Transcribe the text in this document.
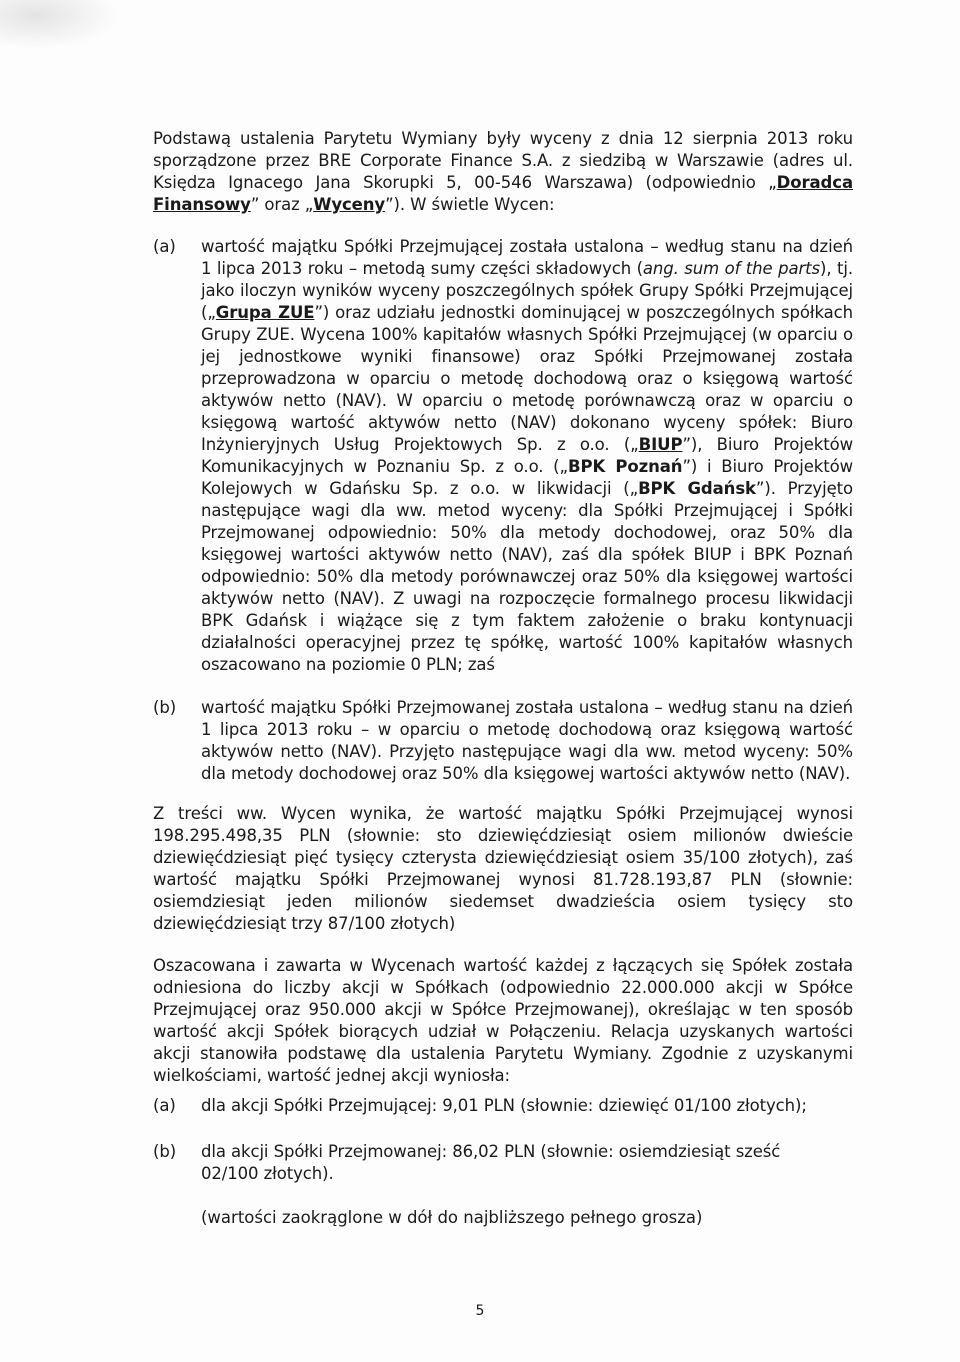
Podstawą ustalenia Parytetu Wymiany były wyceny z dnia 12 sierpnia 2013 roku sporządzone przez BRE Corporate Finance S.A. z siedzibą w Warszawie (adres ul. Księdza Ignacego Jana Skorupki 5, 00-546 Warszawa) (odpowiednio „Doradca Finansowy” oraz „Wyceny”). W świetle Wycen:

(a)	wartość majątku Spółki Przejmującej została ustalona – według stanu na dzień 1 lipca 2013 roku – metodą sumy części składowych (ang. sum of the parts), tj. jako iloczyn wyników wyceny poszczególnych spółek Grupy Spółki Przejmującej („Grupa ZUE”) oraz udziału jednostki dominującej w poszczególnych spółkach Grupy ZUE. Wycena 100% kapitałów własnych Spółki Przejmującej (w oparciu o jej jednostkowe wyniki finansowe) oraz Spółki Przejmowanej została przeprowadzona w oparciu o metodę dochodową oraz o księgową wartość aktywów netto (NAV). W oparciu o metodę porównawczą oraz w oparciu o księgową wartość aktywów netto (NAV) dokonano wyceny spółek: Biuro Inżynieryjnych Usług Projektowych Sp. z o.o. („BIUP”), Biuro Projektów Komunikacyjnych w Poznaniu Sp. z o.o. („BPK Poznań”) i Biuro Projektów Kolejowych w Gdańsku Sp. z o.o. w likwidacji („BPK Gdańsk”). Przyjęto następujące wagi dla ww. metod wyceny: dla Spółki Przejmującej i Spółki Przejmowanej odpowiednio: 50% dla metody dochodowej, oraz 50% dla księgowej wartości aktywów netto (NAV), zaś dla spółek BIUP i BPK Poznań odpowiednio: 50% dla metody porównawczej oraz 50% dla księgowej wartości aktywów netto (NAV). Z uwagi na rozpoczęcie formalnego procesu likwidacji BPK Gdańsk i wiążące się z tym faktem założenie o braku kontynuacji działalności operacyjnej przez tę spółkę, wartość 100% kapitałów własnych oszacowano na poziomie 0 PLN; zaś

(b)	wartość majątku Spółki Przejmowanej została ustalona – według stanu na dzień 1 lipca 2013 roku – w oparciu o metodę dochodową oraz księgową wartość aktywów netto (NAV). Przyjęto następujące wagi dla ww. metod wyceny: 50% dla metody dochodowej oraz 50% dla księgowej wartości aktywów netto (NAV).

Z treści ww. Wycen wynika, że wartość majątku Spółki Przejmującej wynosi 198.295.498,35 PLN (słownie: sto dziewięćdziesiąt osiem milionów dwieście dziewięćdziesiąt pięć tysięcy czterysta dziewięćdziesiąt osiem 35/100 złotych), zaś wartość majątku Spółki Przejmowanej wynosi 81.728.193,87 PLN (słownie: osiemdziesiąt jeden milionów siedemset dwadzieścia osiem tysięcy sto dziewięćdziesiąt trzy 87/100 złotych)

Oszacowana i zawarta w Wycenach wartość każdej z łączących się Spółek została odniesiona do liczby akcji w Spółkach (odpowiednio 22.000.000 akcji w Spółce Przejmującej oraz 950.000 akcji w Spółce Przejmowanej), określając w ten sposób wartość akcji Spółek biorących udział w Połączeniu. Relacja uzyskanych wartości akcji stanowiła podstawę dla ustalenia Parytetu Wymiany. Zgodnie z uzyskanymi wielkościami, wartość jednej akcji wyniosła:

(a)	dla akcji Spółki Przejmującej: 9,01 PLN (słownie: dziewięć 01/100 złotych);

(b)	dla akcji Spółki Przejmowanej: 86,02 PLN (słownie: osiemdziesiąt sześć 02/100 złotych).

(wartości zaokrąglone w dół do najbliższego pełnego grosza)

5
